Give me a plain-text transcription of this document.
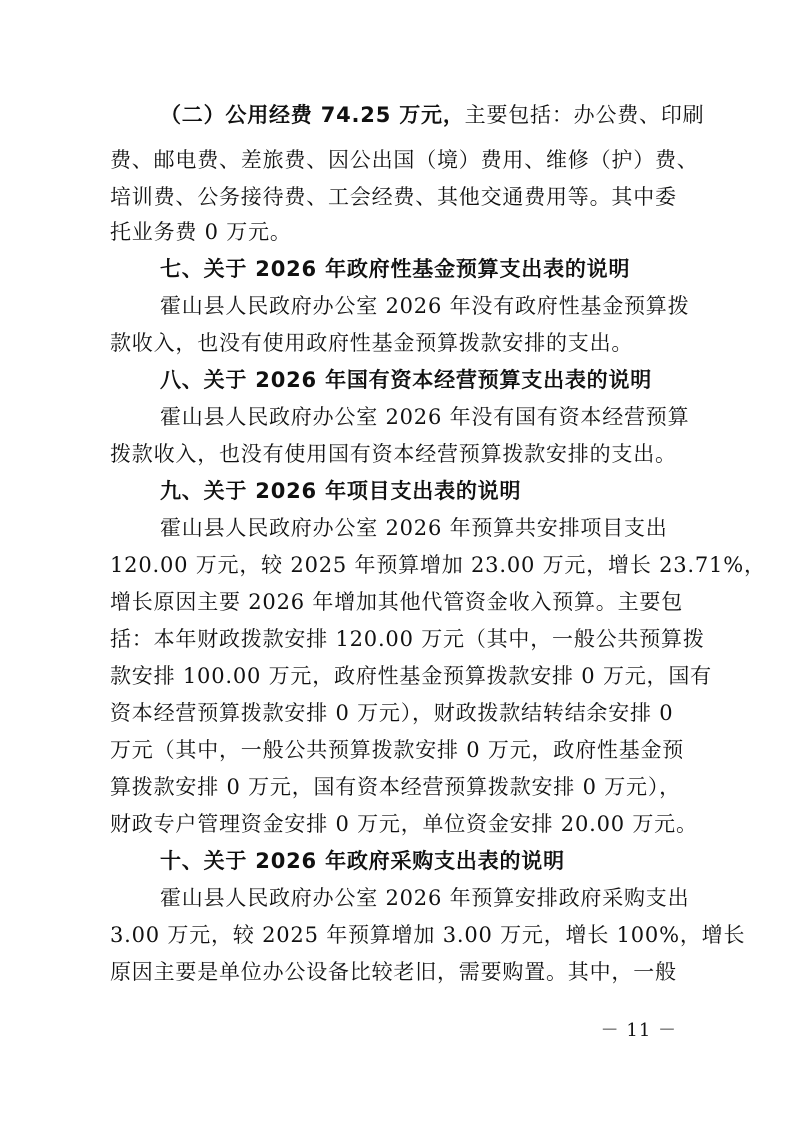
（二）公用经费 74.25 万元，主要包括：办公费、印刷
费、邮电费、差旅费、因公出国（境）费用、维修（护）费、
培训费、公务接待费、工会经费、其他交通费用等。其中委
托业务费 0 万元。
七、关于 2026 年政府性基金预算支出表的说明
霍山县人民政府办公室 2026 年没有政府性基金预算拨
款收入，也没有使用政府性基金预算拨款安排的支出。
八、关于 2026 年国有资本经营预算支出表的说明
霍山县人民政府办公室 2026 年没有国有资本经营预算
拨款收入，也没有使用国有资本经营预算拨款安排的支出。
九、关于 2026 年项目支出表的说明
霍山县人民政府办公室 2026 年预算共安排项目支出
120.00 万元，较 2025 年预算增加 23.00 万元，增长 23.71%，
增长原因主要 2026 年增加其他代管资金收入预算。主要包
括：本年财政拨款安排 120.00 万元（其中，一般公共预算拨
款安排 100.00 万元，政府性基金预算拨款安排 0 万元，国有
资本经营预算拨款安排 0 万元），财政拨款结转结余安排 0
万元（其中，一般公共预算拨款安排 0 万元，政府性基金预
算拨款安排 0 万元，国有资本经营预算拨款安排 0 万元），
财政专户管理资金安排 0 万元，单位资金安排 20.00 万元。
十、关于 2026 年政府采购支出表的说明
霍山县人民政府办公室 2026 年预算安排政府采购支出
3.00 万元，较 2025 年预算增加 3.00 万元，增长 100%，增长
原因主要是单位办公设备比较老旧，需要购置。其中，一般
－ 11 －
